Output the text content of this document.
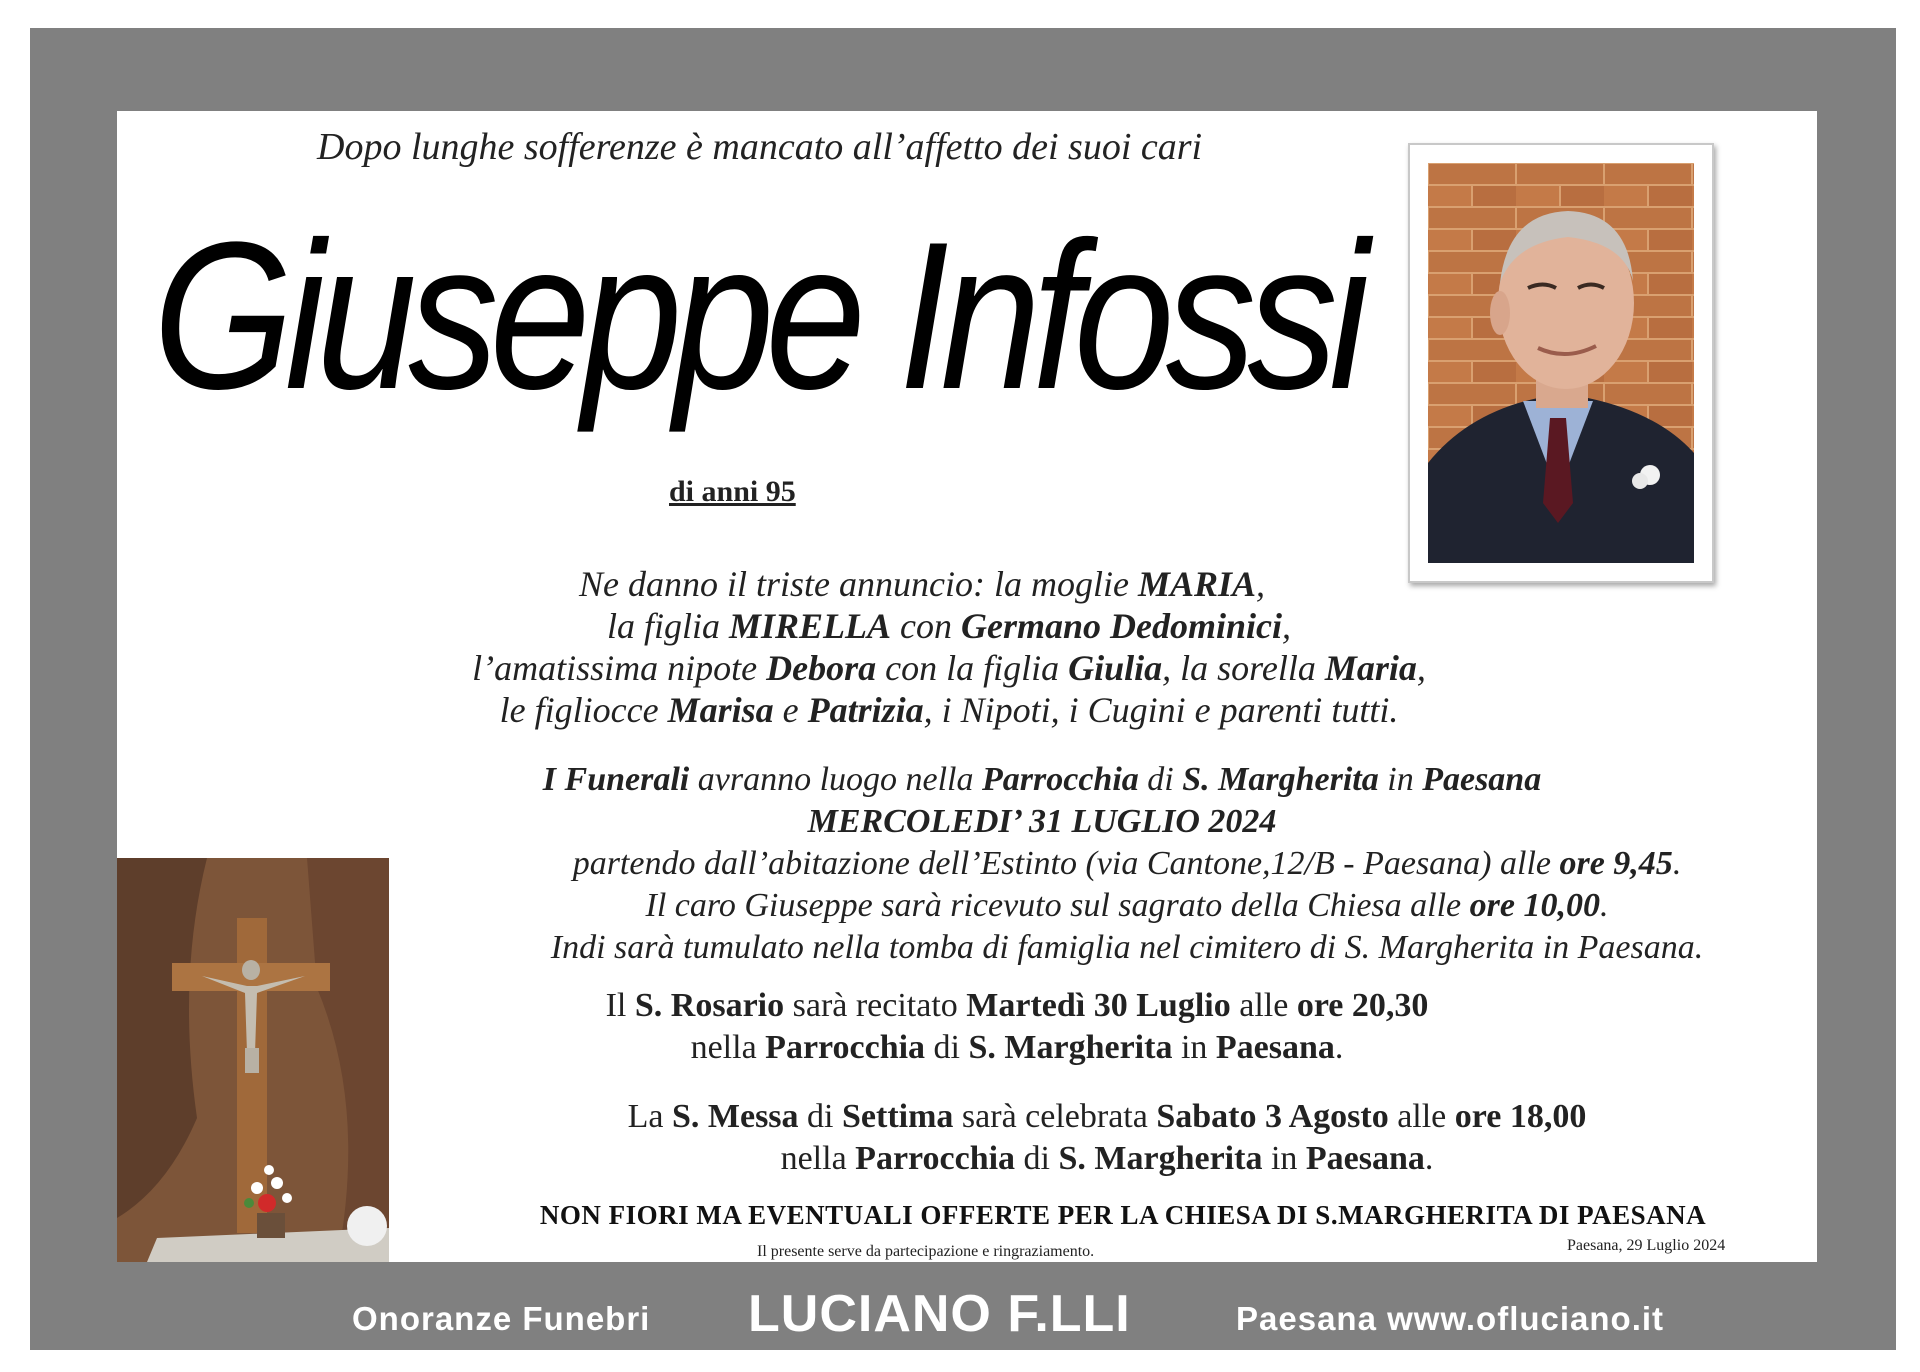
Dopo lunghe sofferenze è mancato all’affetto dei suoi cari
Giuseppe Infossi
di anni 95
Ne danno il triste annuncio: la moglie MARIA,
la figlia MIRELLA con Germano Dedominici,
l’amatissima nipote Debora con la figlia Giulia, la sorella Maria,
le figliocce Marisa e Patrizia, i Nipoti, i Cugini e parenti tutti.
I Funerali avranno luogo nella Parrocchia di S. Margherita in Paesana
MERCOLEDI’ 31 LUGLIO 2024
partendo dall’abitazione dell’Estinto (via Cantone,12/B - Paesana) alle ore 9,45.
Il caro Giuseppe sarà ricevuto sul sagrato della Chiesa alle ore 10,00.
Indi sarà tumulato nella tomba di famiglia nel cimitero di S. Margherita in Paesana.
Il S. Rosario sarà recitato Martedì 30 Luglio alle ore 20,30
nella Parrocchia di S. Margherita in Paesana.
La S. Messa di Settima sarà celebrata Sabato 3 Agosto alle ore 18,00
nella Parrocchia di S. Margherita in Paesana.
NON FIORI MA EVENTUALI OFFERTE PER LA CHIESA DI S.MARGHERITA DI PAESANA
Il presente serve da partecipazione e ringraziamento.	Paesana, 29 Luglio 2024
Onoranze Funebri LUCIANO F.LLI	Paesana www.ofluciano.it
